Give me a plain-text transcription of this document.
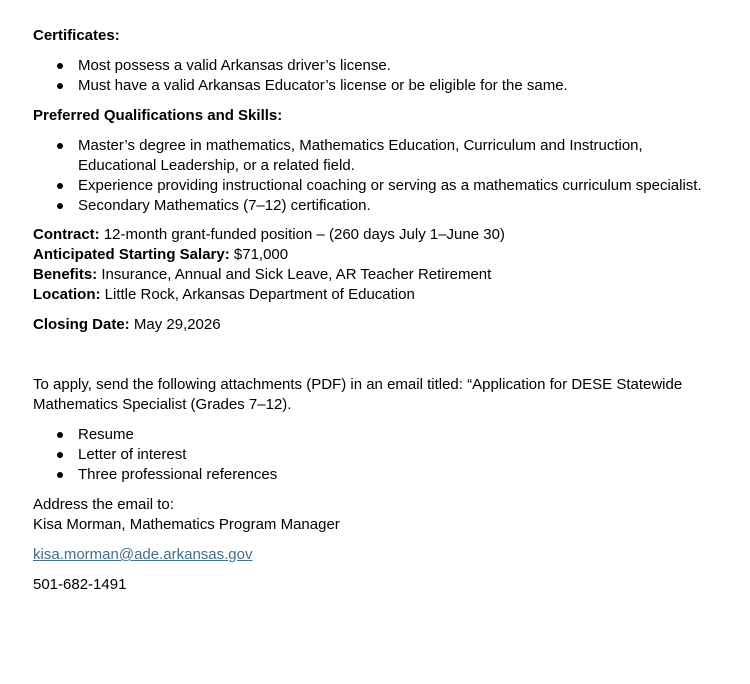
Certificates:

Most possess a valid Arkansas driver’s license.
Must have a valid Arkansas Educator’s license or be eligible for the same.

Preferred Qualifications and Skills:

Master’s degree in mathematics, Mathematics Education, Curriculum and Instruction, Educational Leadership, or a related field.
Experience providing instructional coaching or serving as a mathematics curriculum specialist.
Secondary Mathematics (7–12) certification.

Contract: 12-month grant-funded position – (260 days July 1–June 30)

Anticipated Starting Salary: $71,000

Benefits: Insurance, Annual and Sick Leave, AR Teacher Retirement

Location: Little Rock, Arkansas Department of Education

Closing Date: May 29,2026

To apply, send the following attachments (PDF) in an email titled: “Application for DESE Statewide Mathematics Specialist (Grades 7–12).

Resume
Letter of interest
Three professional references

Address the email to:

Kisa Morman, Mathematics Program Manager

kisa.morman@ade.arkansas.gov

501-682-1491
